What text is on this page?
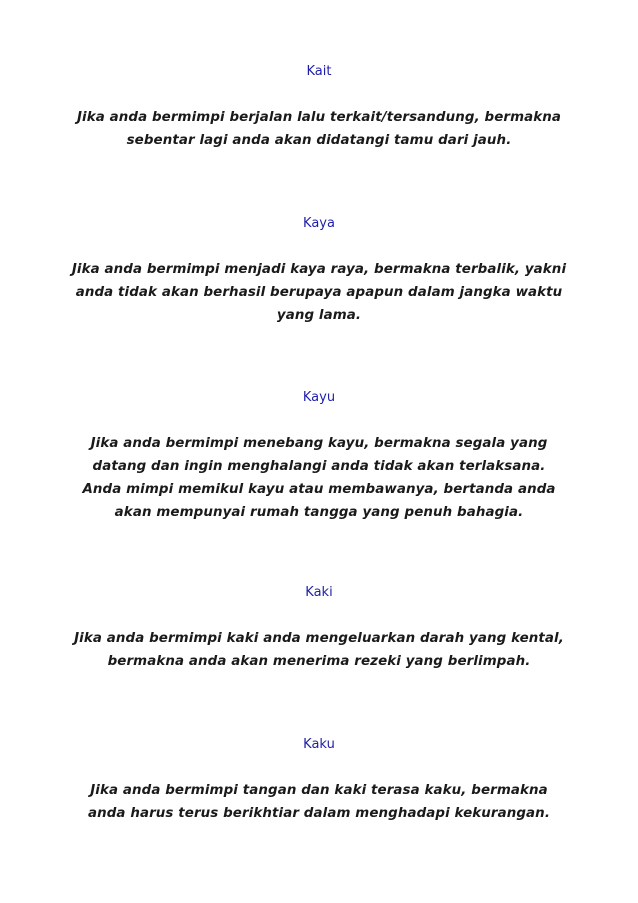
Kait

Jika anda bermimpi berjalan lalu terkait/tersandung, bermakna
sebentar lagi anda akan didatangi tamu dari jauh.

Kaya

Jika anda bermimpi menjadi kaya raya, bermakna terbalik, yakni
anda tidak akan berhasil berupaya apapun dalam jangka waktu
yang lama.

Kayu

Jika anda bermimpi menebang kayu, bermakna segala yang
datang dan ingin menghalangi anda tidak akan terlaksana.
Anda mimpi memikul kayu atau membawanya, bertanda anda
akan mempunyai rumah tangga yang penuh bahagia.

Kaki

Jika anda bermimpi kaki anda mengeluarkan darah yang kental,
bermakna anda akan menerima rezeki yang berlimpah.

Kaku

Jika anda bermimpi tangan dan kaki terasa kaku, bermakna
anda harus terus berikhtiar dalam menghadapi kekurangan.
